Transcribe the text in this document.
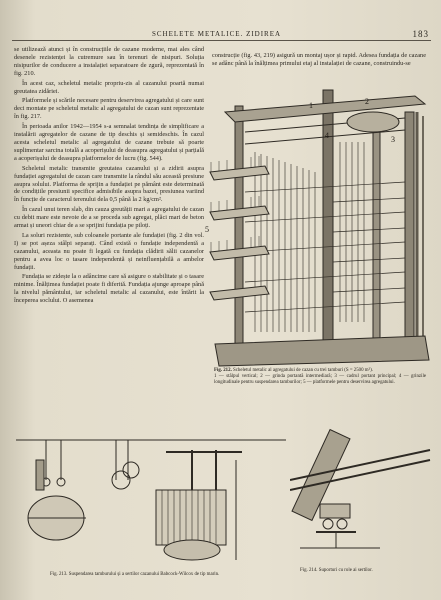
SCHELETE METALICE. ZIDIREA	183

se utilizează atunci și în construcțiile de cazane moderne, mai ales când desenele rezistenței la cutremure sau în terenuri de nisipuri. Soluția nisipurilor de conducere a instalației separatoare de zgură, reprezentată în fig. 210.

În acest caz, scheletul metalic propriu-zis al cazanului poartă numai greutatea zidăriei.

Platformele și scările necesare pentru deservirea agregatului și care sunt deci montate pe scheletul metalic al agregatului de cazan sunt reprezentate în fig. 217.

În perioada anilor 1942—1954 s-a semnalat tendința de simplificare a instalării agregatelor de cazane de tip deschis și semideschis. În cazul acesta scheletul metalic al agregatului de cazane trebuie să poarte suplimentar sarcina totală a acoperișului de deasupra agregatului și parțială a acoperișului de deasupra platformelor de lucru (fig. 544).

Scheletul metalic transmite greutatea cazanului și a zidirii asupra fundației agregatului de cazan care transmite la rândul său această presiune asupra solului. Platforma de sprijin a fundației pe pământ este determinată de condițiile presiunii specifice admisibile asupra bazei, presiunea variind în funcție de caracterul terenului dela 0,5 până la 2 kg/cm².

În cazul unui teren slab, din cauza greutății mari a agregatului de cazan cu debit mare este nevoie de a se proceda sub agregat, plăci mari de beton armat și uneori chiar de a se sprijini fundația pe piloți.

La soluri rezistente, sub coloanele portante ale fundației (fig. 2 din vol. I) se pot așeza stâlpi separați. Când există o fundație independentă a cazanului, aceasta nu poate fi legată cu fundația clădirii sălii cazanelor pentru a avea loc o tasare independentă și neinfluențabilă a ambelor fundații.

Fundația se zidește la o adâncime care să asigure o stabilitate și o tasare minime. Înălțimea fundației poate fi diferită. Fundația ajunge aproape până la nivelul pământului, iar scheletul metalic al cazanului, este întărit la începerea soclului. O asemenea

construcție (fig. 43, 219) asigură un montaj ușor și rapid. Adesea fundația de cazane se adânc până la înălțimea primului etaj al instalației de cazane, construindu-se

1	2
3
4
5
Fig. 212. Scheletul metalic al agregatului de cazan cu trei tamburi (S = 2500 m²).
1 — stâlpul vertical; 2 — grinda portantă intermediară; 3 — cadrul portant principal; 4 — grinzile longitudinale pentru suspendarea tamburilor; 5 — platformele pentru deservirea agregatului.
Fig. 213. Suspendarea tamburului și a sertilor cazanului Babcock-Wilcox de tip marin.
Fig. 214. Suporturi cu role ai sertilor.
